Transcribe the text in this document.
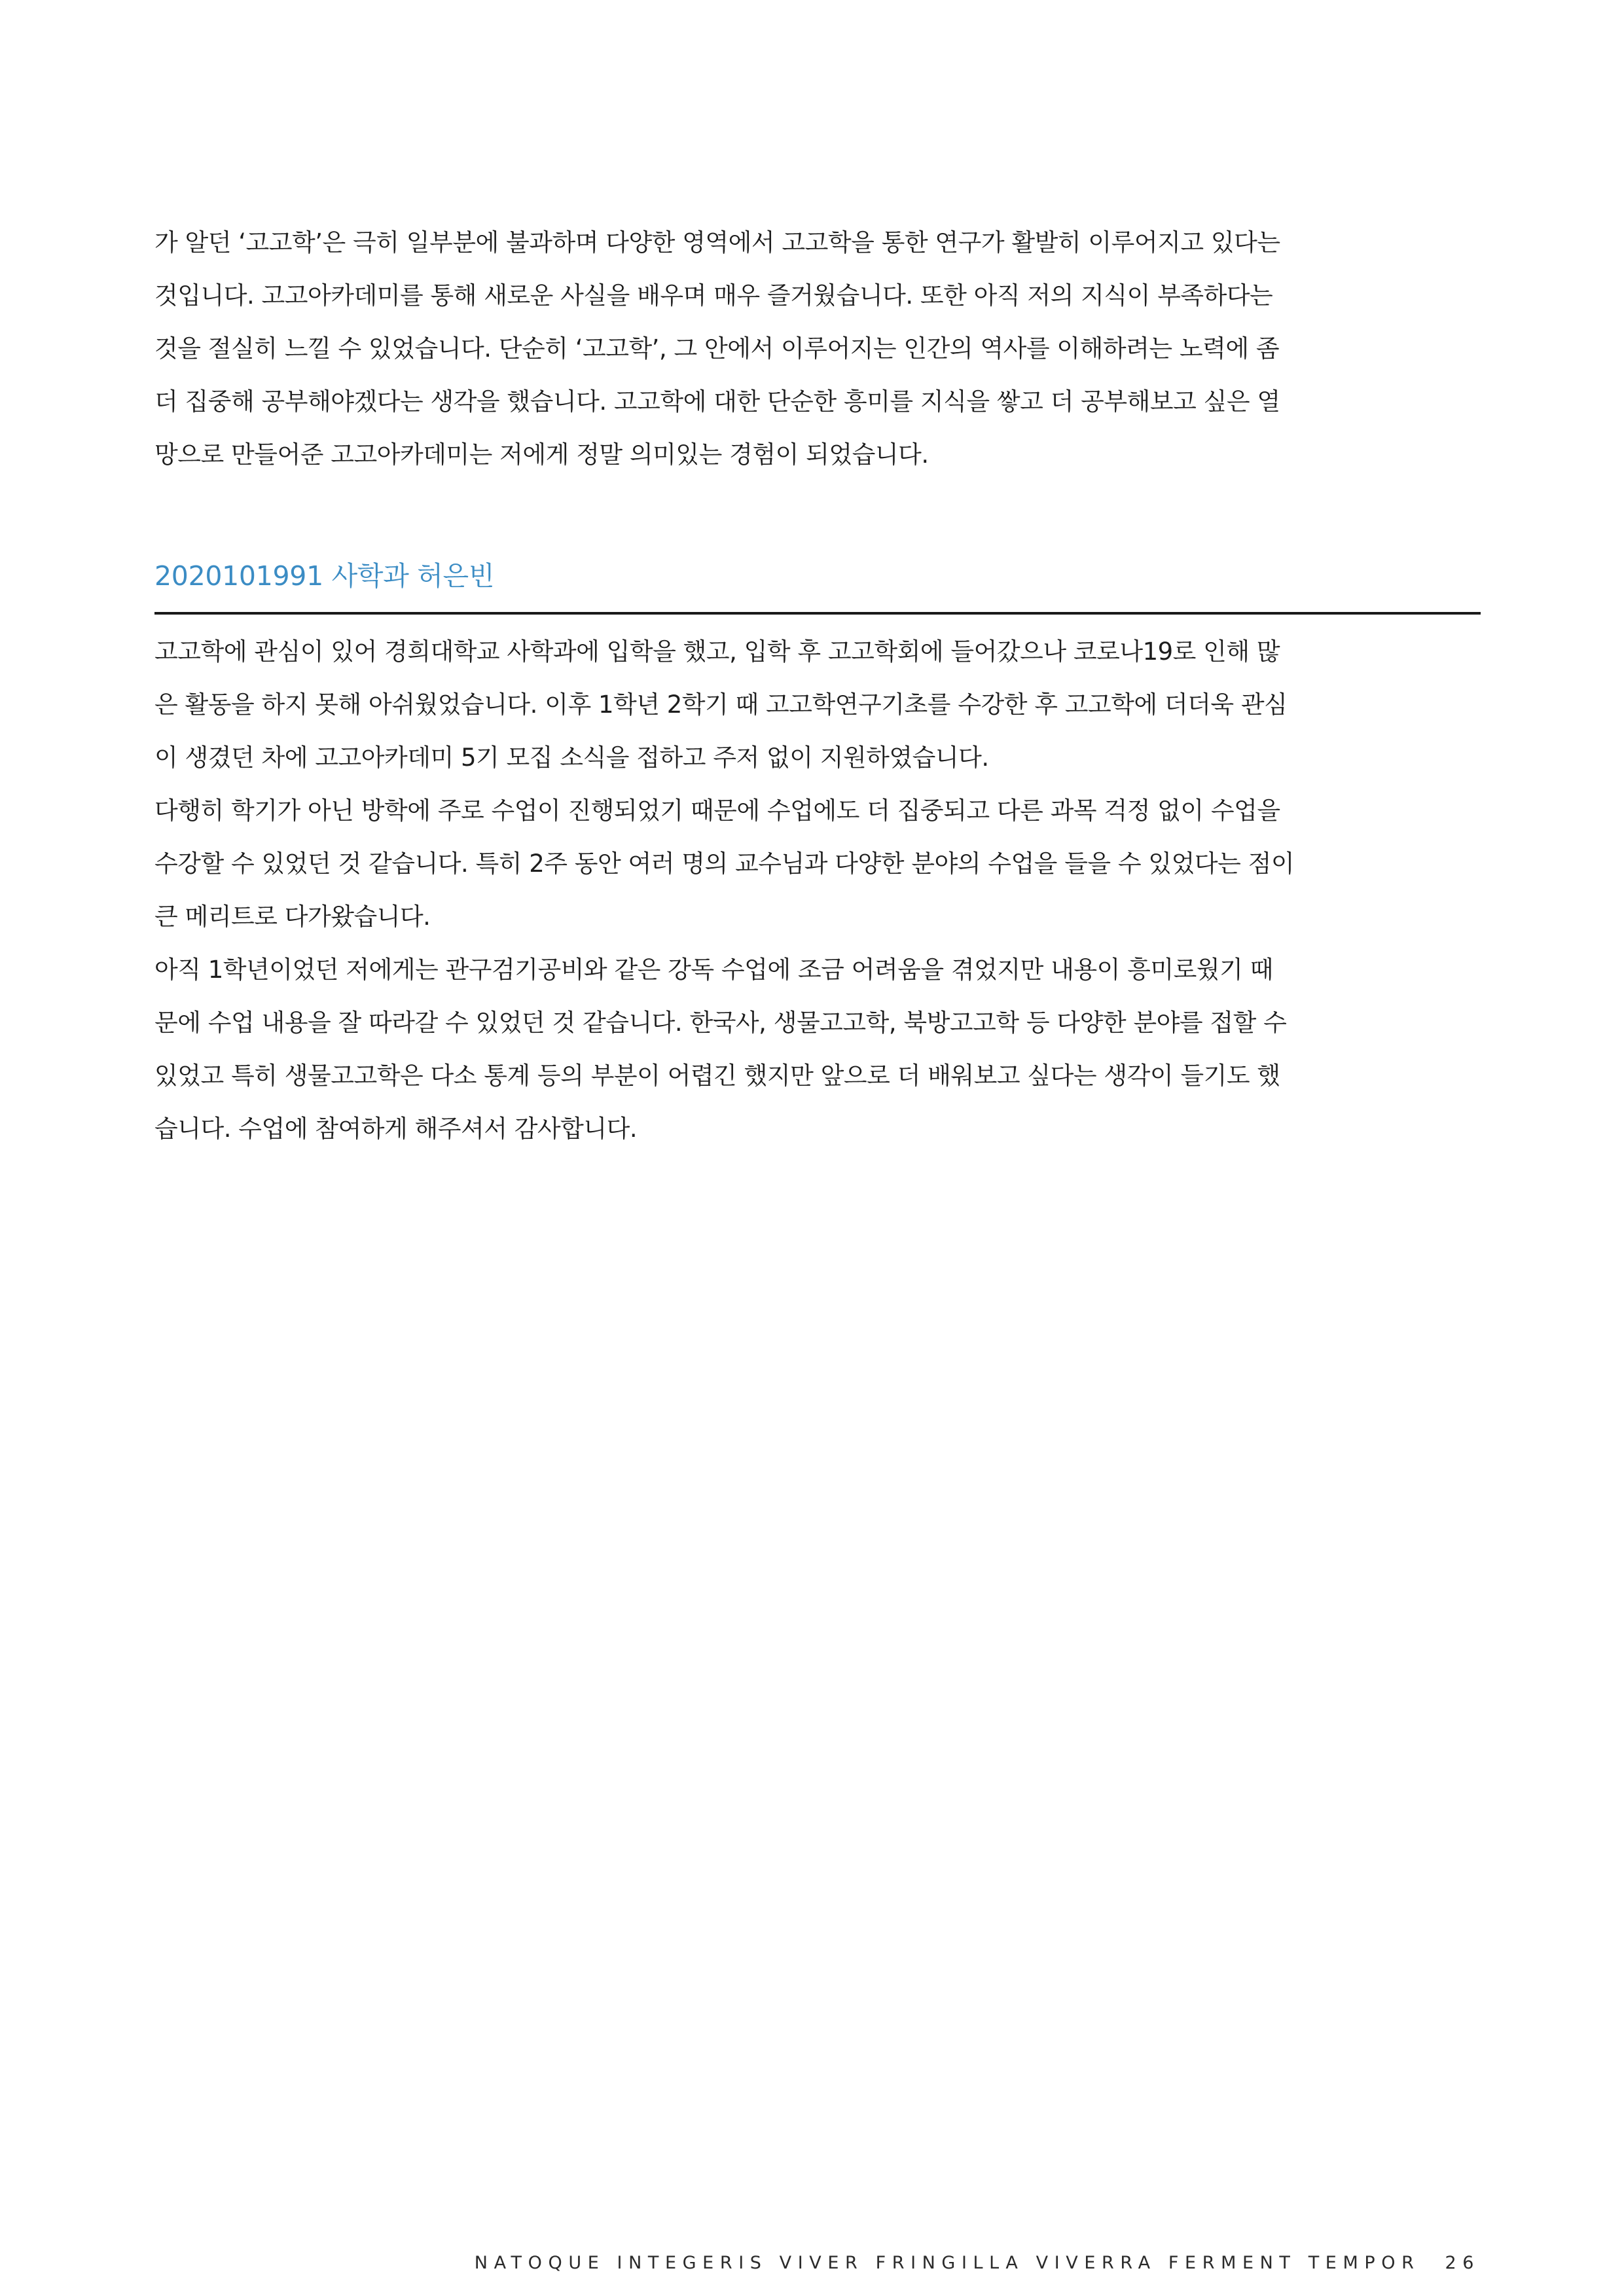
가 알던 ‘고고학’은 극히 일부분에 불과하며 다양한 영역에서 고고학을 통한 연구가 활발히 이루어지고 있다는
것입니다. 고고아카데미를 통해 새로운 사실을 배우며 매우 즐거웠습니다. 또한 아직 저의 지식이 부족하다는
것을 절실히 느낄 수 있었습니다. 단순히 ‘고고학’, 그 안에서 이루어지는 인간의 역사를 이해하려는 노력에 좀
더 집중해 공부해야겠다는 생각을 했습니다. 고고학에 대한 단순한 흥미를 지식을 쌓고 더 공부해보고 싶은 열
망으로 만들어준 고고아카데미는 저에게 정말 의미있는 경험이 되었습니다.
2020101991 사학과 허은빈
고고학에 관심이 있어 경희대학교 사학과에 입학을 했고, 입학 후 고고학회에 들어갔으나 코로나19로 인해 많
은 활동을 하지 못해 아쉬웠었습니다. 이후 1학년 2학기 때 고고학연구기초를 수강한 후 고고학에 더더욱 관심
이 생겼던 차에 고고아카데미 5기 모집 소식을 접하고 주저 없이 지원하였습니다.
다행히 학기가 아닌 방학에 주로 수업이 진행되었기 때문에 수업에도 더 집중되고 다른 과목 걱정 없이 수업을
수강할 수 있었던 것 같습니다. 특히 2주 동안 여러 명의 교수님과 다양한 분야의 수업을 들을 수 있었다는 점이
큰 메리트로 다가왔습니다.
아직 1학년이었던 저에게는 관구검기공비와 같은 강독 수업에 조금 어려움을 겪었지만 내용이 흥미로웠기 때
문에 수업 내용을 잘 따라갈 수 있었던 것 같습니다. 한국사, 생물고고학, 북방고고학 등 다양한 분야를 접할 수
있었고 특히 생물고고학은 다소 통계 등의 부분이 어렵긴 했지만 앞으로 더 배워보고 싶다는 생각이 들기도 했
습니다. 수업에 참여하게 해주셔서 감사합니다.
NATOQUE INTEGERIS VIVER FRINGILLA VIVERRA FERMENT TEMPOR 26
